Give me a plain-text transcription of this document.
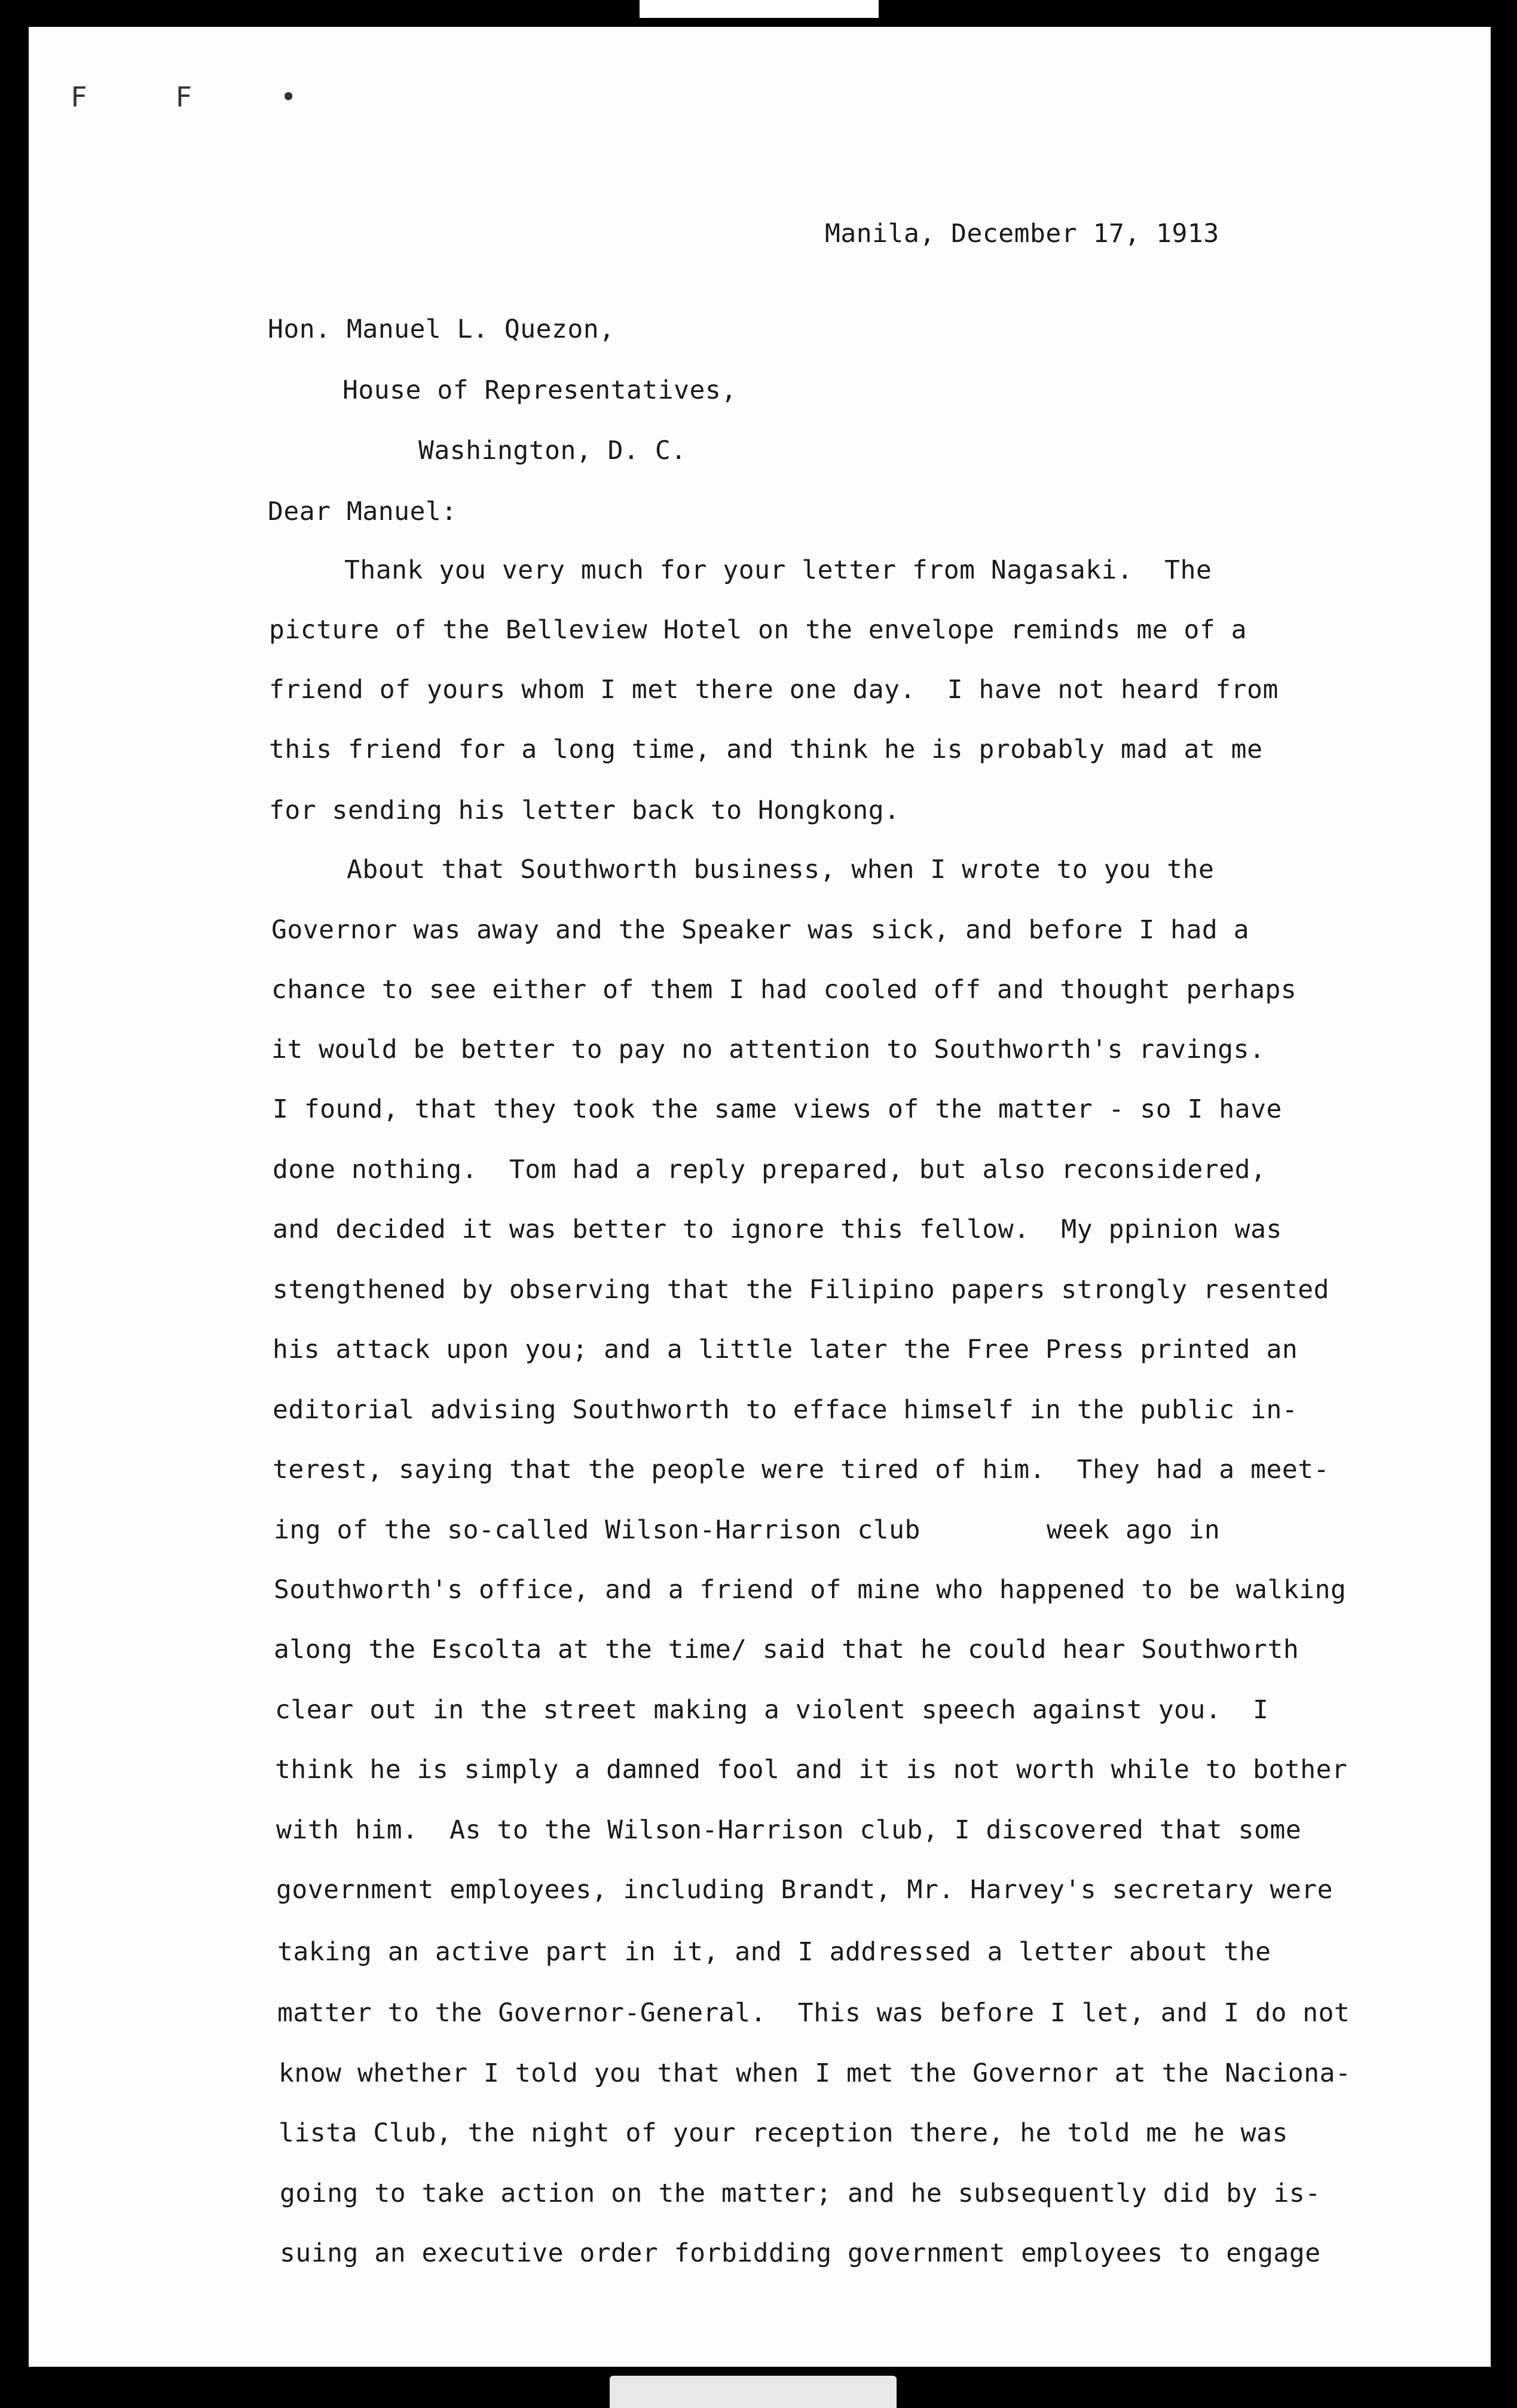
F F •
Manila, December 17, 1913
Hon. Manuel L. Quezon,
House of Representatives,
Washington, D. C.
Dear Manuel:
Thank you very much for your letter from Nagasaki.  The
picture of the Belleview Hotel on the envelope reminds me of a
friend of yours whom I met there one day.  I have not heard from
this friend for a long time, and think he is probably mad at me
for sending his letter back to Hongkong.
About that Southworth business, when I wrote to you the
Governor was away and the Speaker was sick, and before I had a
chance to see either of them I had cooled off and thought perhaps
it would be better to pay no attention to Southworth's ravings.
I found, that they took the same views of the matter - so I have
done nothing.  Tom had a reply prepared, but also reconsidered,
and decided it was better to ignore this fellow.  My ppinion was
stengthened by observing that the Filipino papers strongly resented
his attack upon you; and a little later the Free Press printed an
editorial advising Southworth to efface himself in the public in-
terest, saying that the people were tired of him.  They had a meet-
ing of the so-called Wilson-Harrison club        week ago in
Southworth's office, and a friend of mine who happened to be walking
along the Escolta at the time/ said that he could hear Southworth
clear out in the street making a violent speech against you.  I
think he is simply a damned fool and it is not worth while to bother
with him.  As to the Wilson-Harrison club, I discovered that some
government employees, including Brandt, Mr. Harvey's secretary were
taking an active part in it, and I addressed a letter about the
matter to the Governor-General.  This was before I let, and I do not
know whether I told you that when I met the Governor at the Naciona-
lista Club, the night of your reception there, he told me he was
going to take action on the matter; and he subsequently did by is-
suing an executive order forbidding government employees to engage
